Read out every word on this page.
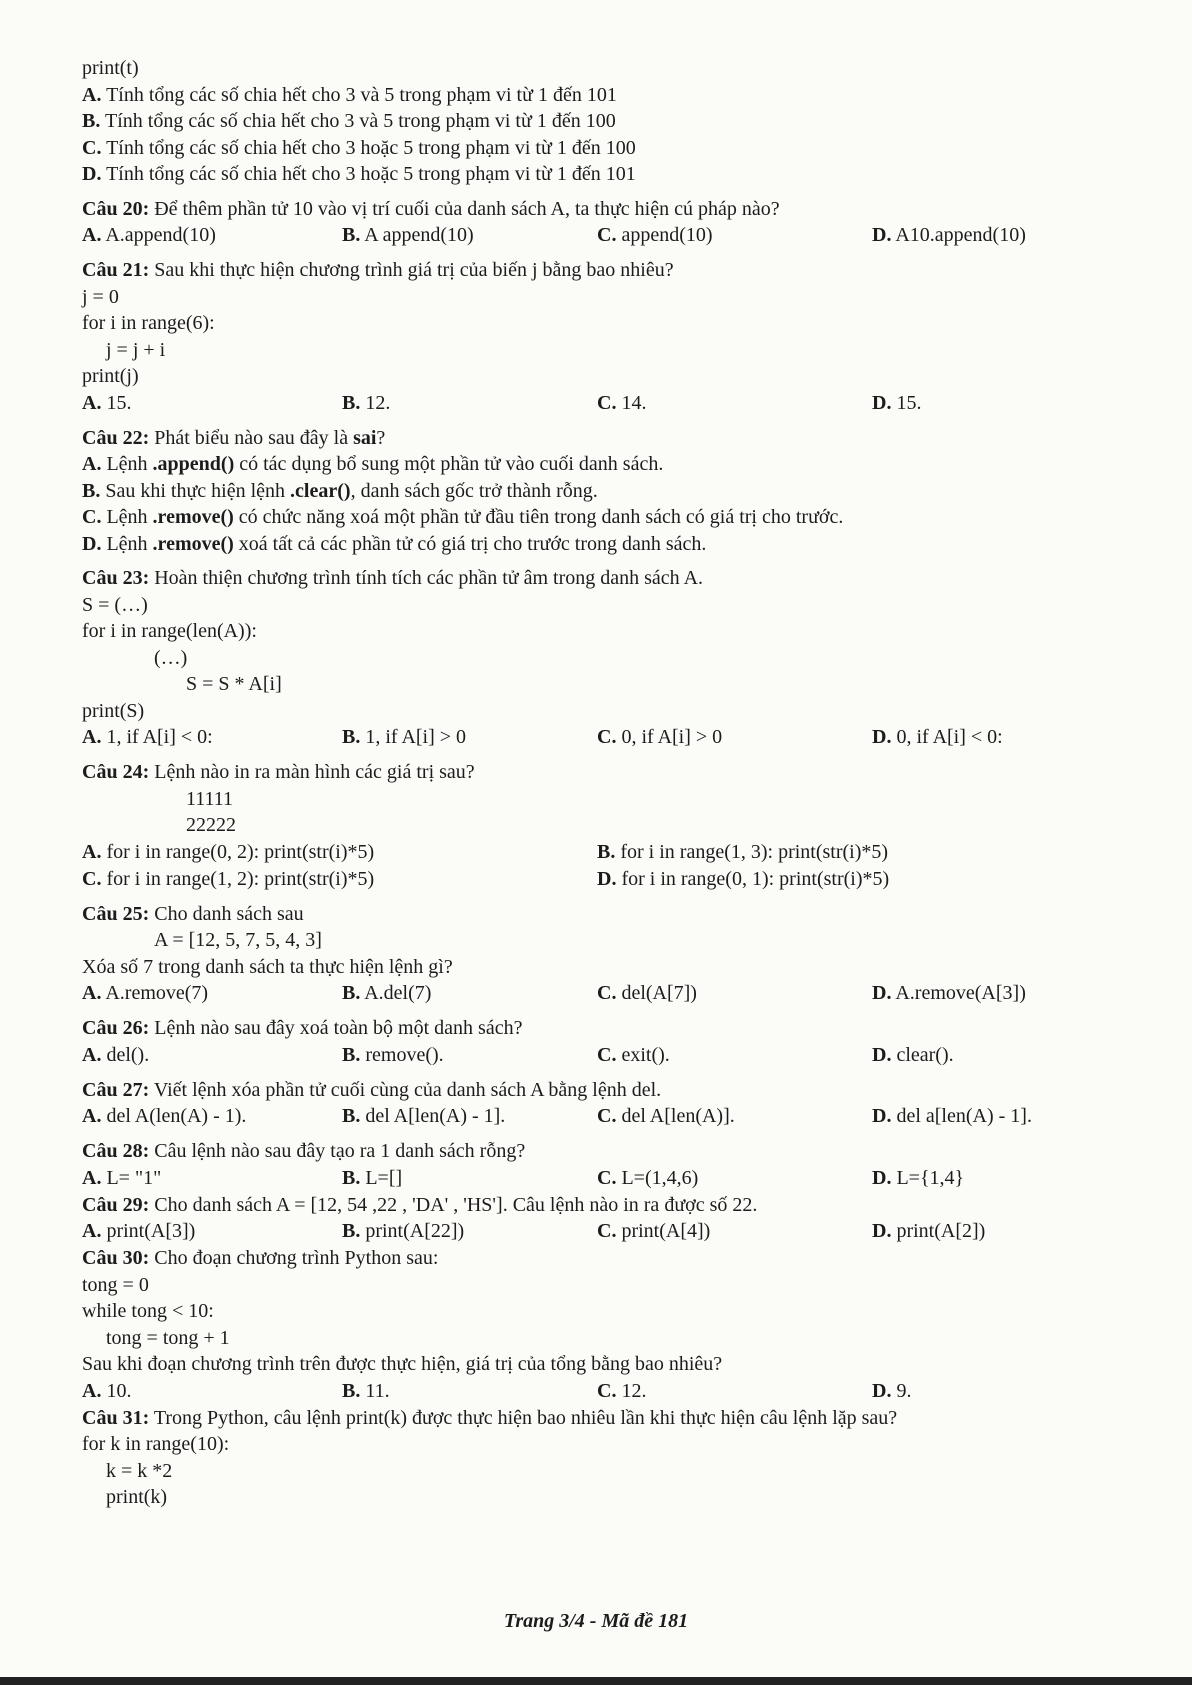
print(t)
A. Tính tổng các số chia hết cho 3 và 5 trong phạm vi từ 1 đến 101
B. Tính tổng các số chia hết cho 3 và 5 trong phạm vi từ 1 đến 100
C. Tính tổng các số chia hết cho 3 hoặc 5 trong phạm vi từ 1 đến 100
D. Tính tổng các số chia hết cho 3 hoặc 5 trong phạm vi từ 1 đến 101
Câu 20: Để thêm phần tử 10 vào vị trí cuối của danh sách A, ta thực hiện cú pháp nào?

A. A.append(10)

	B. A append(10)

	C. append(10)

	D. A10.append(10)

Câu 21: Sau khi thực hiện chương trình giá trị của biến j bằng bao nhiêu?
j = 0
for i in range(6):
j = j + i
print(j)

A. 15.

	B. 12.

	C. 14.

	D. 15.

Câu 22: Phát biểu nào sau đây là sai?
A. Lệnh .append() có tác dụng bổ sung một phần tử vào cuối danh sách.
B. Sau khi thực hiện lệnh .clear(), danh sách gốc trở thành rỗng.
C. Lệnh .remove() có chức năng xoá một phần tử đầu tiên trong danh sách có giá trị cho trước.
D. Lệnh .remove() xoá tất cả các phần tử có giá trị cho trước trong danh sách.
Câu 23: Hoàn thiện chương trình tính tích các phần tử âm trong danh sách A.
S = (…)
for i in range(len(A)):
(…)
S = S * A[i]
print(S)

A. 1, if A[i] < 0:

	B. 1, if A[i] > 0

	C. 0, if A[i] > 0

	D. 0, if A[i] < 0:

Câu 24: Lệnh nào in ra màn hình các giá trị sau?
11111
22222

A. for i in range(0, 2): print(str(i)*5)

	B. for i in range(1, 3): print(str(i)*5)

C. for i in range(1, 2): print(str(i)*5)

	D. for i in range(0, 1): print(str(i)*5)

Câu 25: Cho danh sách sau
A = [12, 5, 7, 5, 4, 3]
Xóa số 7 trong danh sách ta thực hiện lệnh gì?

A. A.remove(7)

	B. A.del(7)

	C. del(A[7])

	D. A.remove(A[3])

Câu 26: Lệnh nào sau đây xoá toàn bộ một danh sách?

A. del().

	B. remove().

	C. exit().

	D. clear().

Câu 27: Viết lệnh xóa phần tử cuối cùng của danh sách A bằng lệnh del.

A. del A(len(A) - 1).

	B. del A[len(A) - 1].

	C. del A[len(A)].

	D. del a[len(A) - 1].

Câu 28: Câu lệnh nào sau đây tạo ra 1 danh sách rỗng?

A. L= "1"

	B. L=[]

	C. L=(1,4,6)

	D. L={1,4}

Câu 29: Cho danh sách A = [12, 54 ,22 , 'DA' , 'HS']. Câu lệnh nào in ra được số 22.

A. print(A[3])

	B. print(A[22])

	C. print(A[4])

	D. print(A[2])

Câu 30: Cho đoạn chương trình Python sau:
tong = 0
while tong < 10:
tong = tong + 1
Sau khi đoạn chương trình trên được thực hiện, giá trị của tổng bằng bao nhiêu?

A. 10.

	B. 11.

	C. 12.

	D. 9.

Câu 31: Trong Python, câu lệnh print(k) được thực hiện bao nhiêu lần khi thực hiện câu lệnh lặp sau?
for k in range(10):
k = k *2
print(k)
Trang 3/4 - Mã đề 181
